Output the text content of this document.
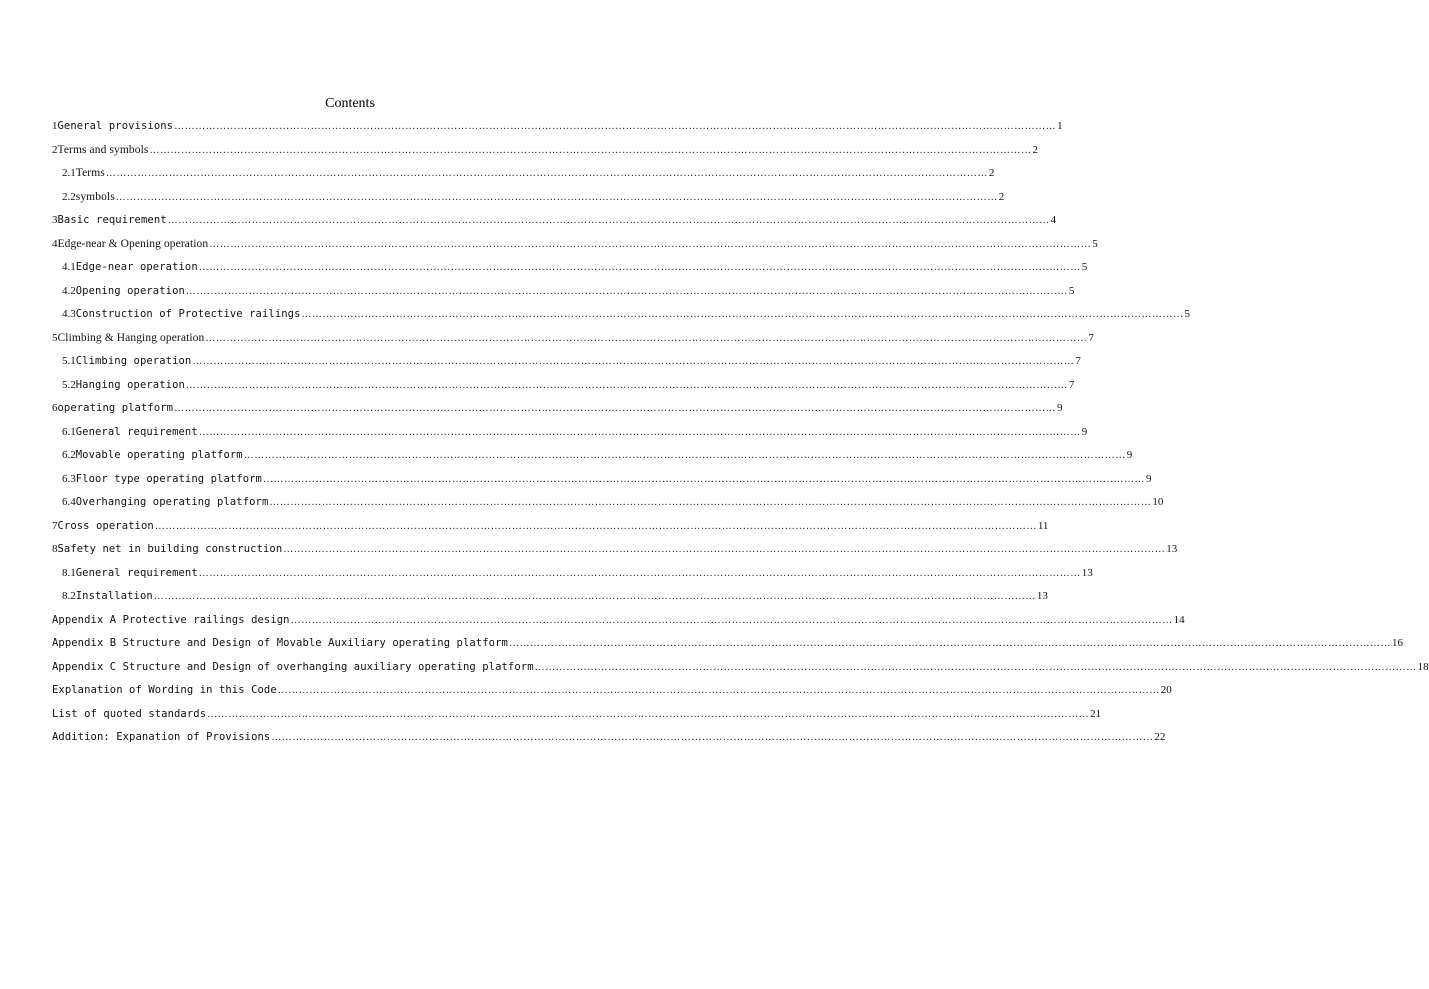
Contents
1 General provisions ……………………………………………………………………………………………………………………………………………………………………………………………………………………………… 1
2 Terms and symbols ……………………………………………………………………………………………………………………………………………………………………………………………………………………………… 2
2.1 Terms ……………………………………………………………………………………………………………………………………………………………………………………………………………………………… 2
2.2 symbols ……………………………………………………………………………………………………………………………………………………………………………………………………………………………… 2
3 Basic requirement ……………………………………………………………………………………………………………………………………………………………………………………………………………………………… 4
4 Edge-near & Opening operation ……………………………………………………………………………………………………………………………………………………………………………………………………………………………… 5
4.1 Edge-near operation ……………………………………………………………………………………………………………………………………………………………………………………………………………………………… 5
4.2 Opening operation ……………………………………………………………………………………………………………………………………………………………………………………………………………………………… 5
4.3 Construction of Protective railings ……………………………………………………………………………………………………………………………………………………………………………………………………………………………… 5
5 Climbing & Hanging operation ……………………………………………………………………………………………………………………………………………………………………………………………………………………………… 7
5.1 Climbing operation ……………………………………………………………………………………………………………………………………………………………………………………………………………………………… 7
5.2 Hanging operation ……………………………………………………………………………………………………………………………………………………………………………………………………………………………… 7
6 operating platform ……………………………………………………………………………………………………………………………………………………………………………………………………………………………… 9
6.1 General requirement ……………………………………………………………………………………………………………………………………………………………………………………………………………………………… 9
6.2 Movable operating platform ……………………………………………………………………………………………………………………………………………………………………………………………………………………………… 9
6.3 Floor type operating platform ……………………………………………………………………………………………………………………………………………………………………………………………………………………………… 9
6.4 Overhanging operating platform ……………………………………………………………………………………………………………………………………………………………………………………………………………………………… 10
7 Cross operation ……………………………………………………………………………………………………………………………………………………………………………………………………………………………… 11
8 Safety net in building construction ……………………………………………………………………………………………………………………………………………………………………………………………………………………………… 13
8.1 General requirement ……………………………………………………………………………………………………………………………………………………………………………………………………………………………… 13
8.2 Installation ……………………………………………………………………………………………………………………………………………………………………………………………………………………………… 13
Appendix A Protective railings design ……………………………………………………………………………………………………………………………………………………………………………………………………………………………… 14
Appendix B Structure and Design of Movable Auxiliary operating platform ……………………………………………………………………………………………………………………………………………………………………………………………………………………………… 16
Appendix C Structure and Design of overhanging auxiliary operating platform ……………………………………………………………………………………………………………………………………………………………………………………………………………………………… 18
Explanation of Wording in this Code ……………………………………………………………………………………………………………………………………………………………………………………………………………………………… 20
List of quoted standards ……………………………………………………………………………………………………………………………………………………………………………………………………………………………… 21
Addition: Expanation of Provisions ……………………………………………………………………………………………………………………………………………………………………………………………………………………………… 22
